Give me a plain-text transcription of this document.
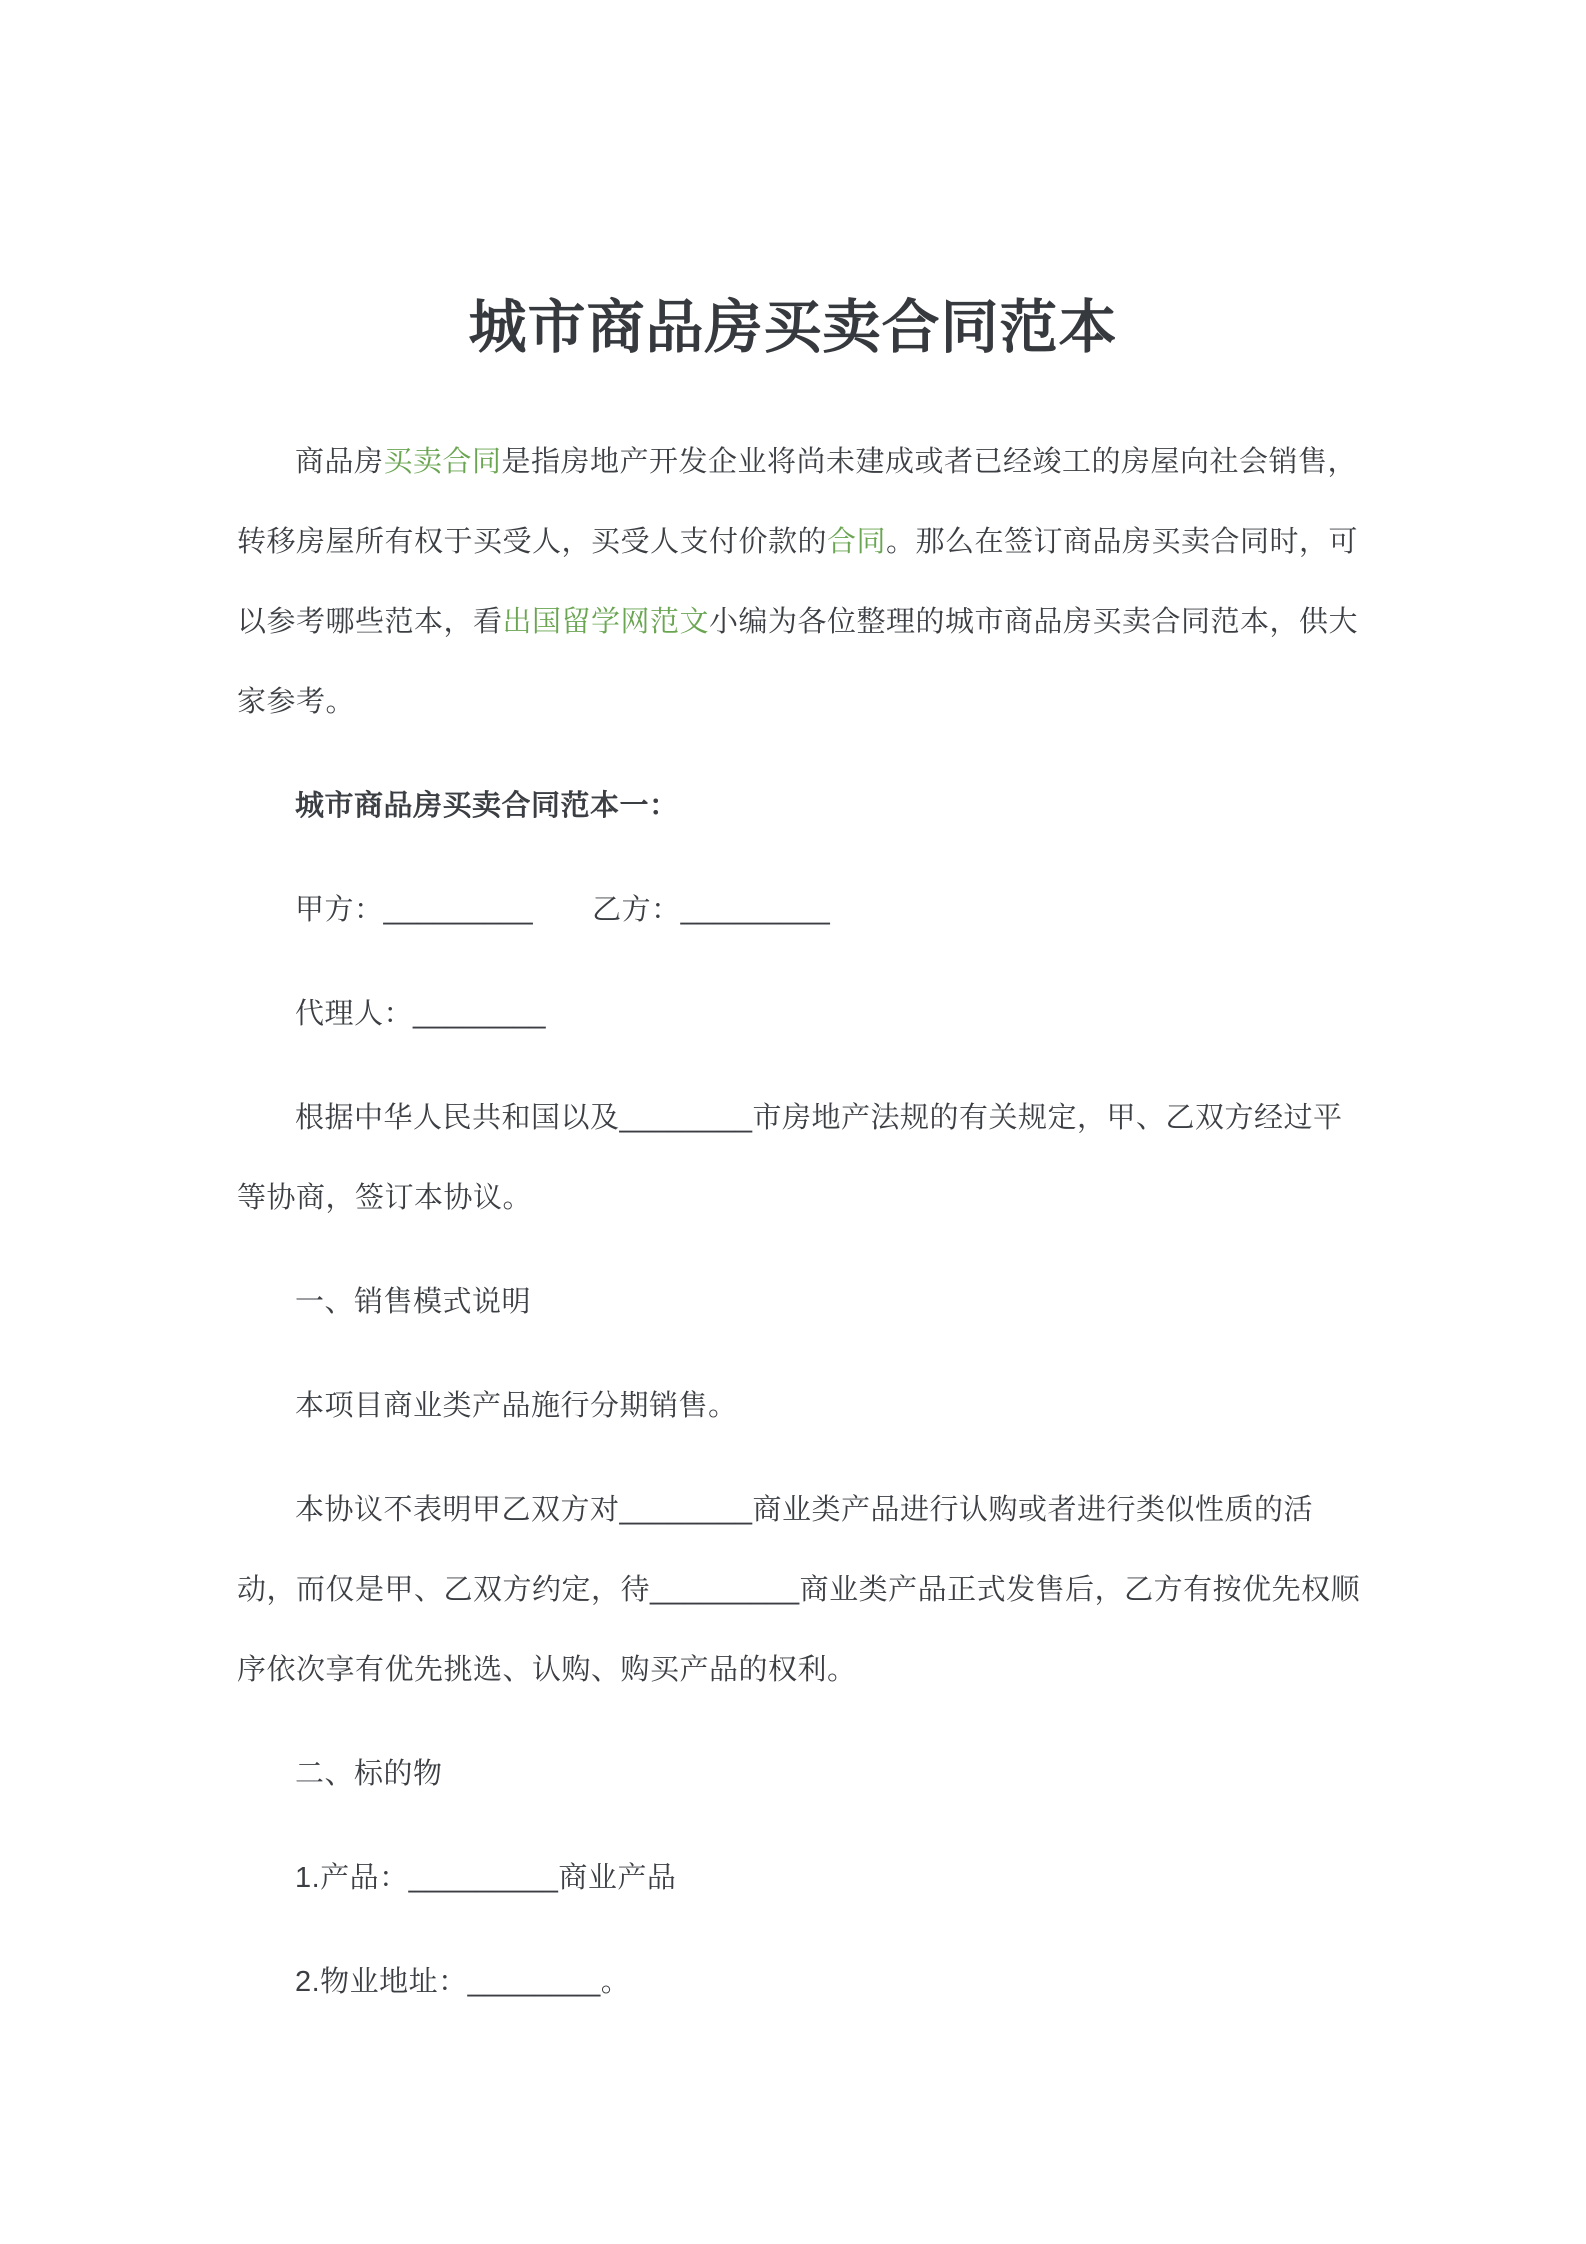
城市商品房买卖合同范本
商品房买卖合同是指房地产开发企业将尚未建成或者已经竣工的房屋向社会销售，
转移房屋所有权于买受人，买受人支付价款的合同。那么在签订商品房买卖合同时，可
以参考哪些范本，看出国留学网范文小编为各位整理的城市商品房买卖合同范本，供大
家参考。
城市商品房买卖合同范本一：
甲方：_________　　乙方：_________
代理人：________
根据中华人民共和国以及________市房地产法规的有关规定，甲、乙双方经过平
等协商，签订本协议。
一、销售模式说明
本项目商业类产品施行分期销售。
本协议不表明甲乙双方对________商业类产品进行认购或者进行类似性质的活
动，而仅是甲、乙双方约定，待_________商业类产品正式发售后，乙方有按优先权顺
序依次享有优先挑选、认购、购买产品的权利。
二、标的物
1.产品：_________商业产品
2.物业地址：________。
